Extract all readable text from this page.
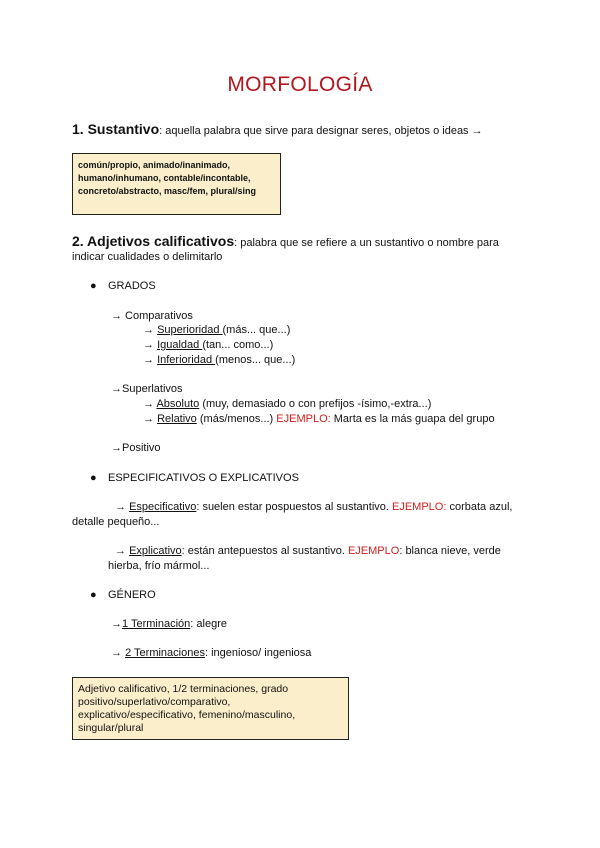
MORFOLOGÍA
1. Sustantivo: aquella palabra que sirve para designar seres, objetos o ideas →
común/propio, animado/inanimado, humano/inhumano, contable/incontable, concreto/abstracto, masc/fem, plural/sing
2. Adjetivos calificativos: palabra que se refiere a un sustantivo o nombre para
indicar cualidades o delimitarlo
● GRADOS
→ Comparativos
→ Superioridad (más... que...)
→ Igualdad (tan... como...)
→ Inferioridad (menos... que...)
→Superlativos
→ Absoluto (muy, demasiado o con prefijos -ísimo,-extra...)
→ Relativo (más/menos...) EJEMPLO: Marta es la más guapa del grupo
→Positivo
● ESPECIFICATIVOS O EXPLICATIVOS
→ Especificativo: suelen estar pospuestos al sustantivo. EJEMPLO: corbata azul,
detalle pequeño...
→ Explicativo: están antepuestos al sustantivo. EJEMPLO: blanca nieve, verde
hierba, frío mármol...
● GÉNERO
→1 Terminación: alegre
→ 2 Terminaciones: ingenioso/ ingeniosa
Adjetivo calificativo, 1/2 terminaciones, grado positivo/superlativo/comparativo, explicativo/especificativo, femenino/masculino, singular/plural
